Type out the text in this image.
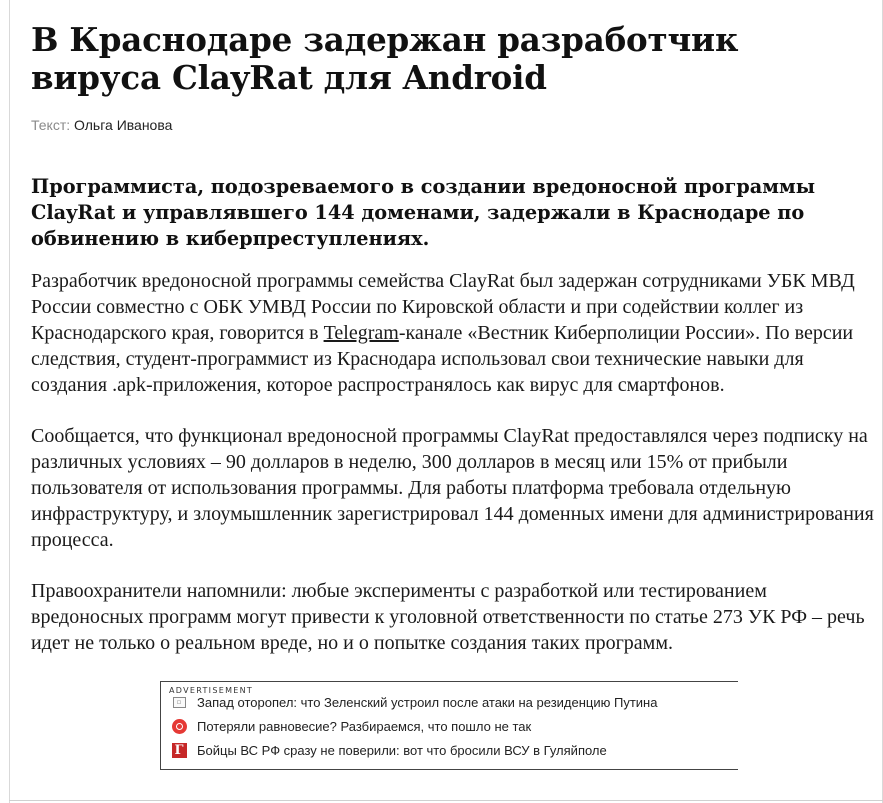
В Краснодаре задержан разработчик вируса ClayRat для Android
Текст: Ольга Иванова

Программиста, подозреваемого в создании вредоносной программы ClayRat и управлявшего 144 доменами, задержали в Краснодаре по обвинению в киберпреступлениях.

Разработчик вредоносной программы семейства ClayRat был задержан сотрудниками УБК МВД России совместно с ОБК УМВД России по Кировской области и при содействии коллег из Краснодарского края, говорится в Telegram-канале «Вестник Киберполиции России». По версии следствия, студент-программист из Краснодара использовал свои технические навыки для создания .apk-приложения, которое распространялось как вирус для смартфонов.

Сообщается, что функционал вредоносной программы ClayRat предоставлялся через подписку на различных условиях – 90 долларов в неделю, 300 долларов в месяц или 15% от прибыли пользователя от использования программы. Для работы платформа требовала отдельную инфраструктуру, и злоумышленник зарегистрировал 144 доменных имени для администрирования процесса.

Правоохранители напомнили: любые эксперименты с разработкой или тестированием вредоносных программ могут привести к уголовной ответственности по статье 273 УК РФ – речь идет не только о реальном вреде, но и о попытке создания таких программ.

ADVERTISEMENT
▫	Запад оторопел: что Зеленский устроил после атаки на резиденцию Путина
Потеряли равновесие? Разбираемся, что пошло не так
Г Бойцы ВС РФ сразу не поверили: вот что бросили ВСУ в Гуляйполе
